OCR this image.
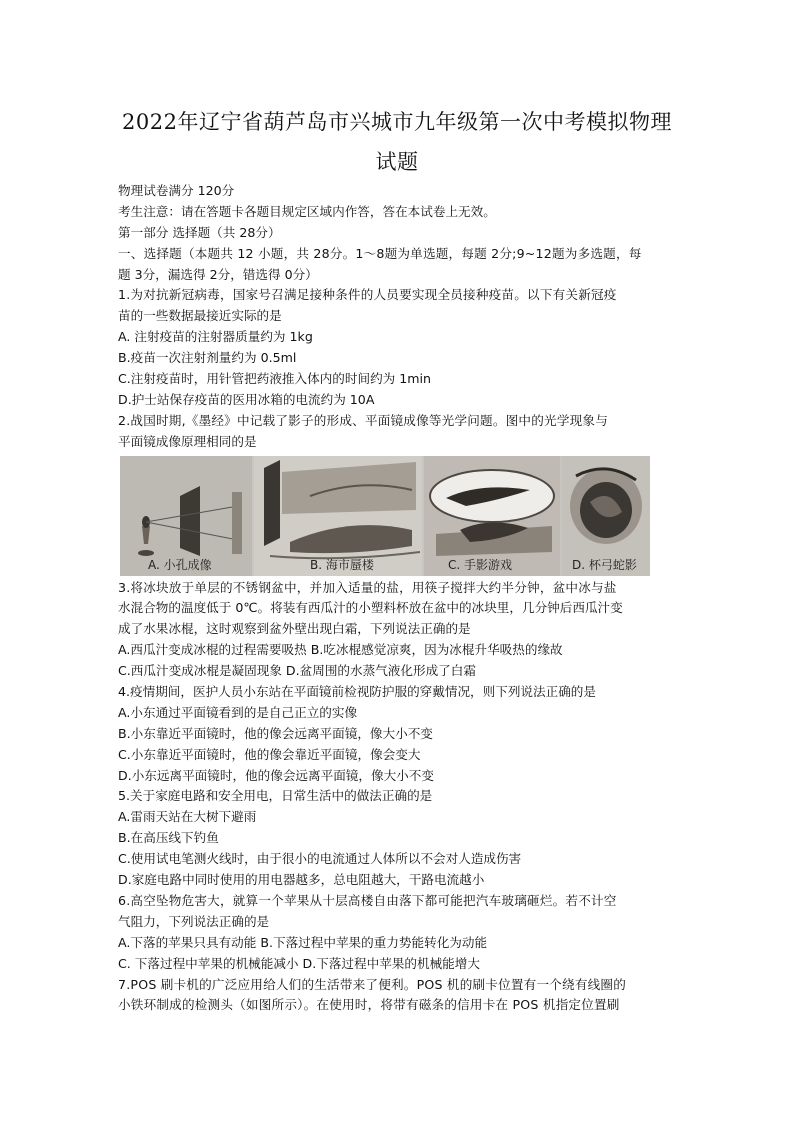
2022年辽宁省葫芦岛市兴城市九年级第一次中考模拟物理
试题
物理试卷满分 120分
考生注意：请在答题卡各题目规定区域内作答，答在本试卷上无效。
第一部分 选择题（共 28分）
一、选择题（本题共 12 小题，共 28分。1～8题为单选题，每题 2分;9~12题为多选题，每
题 3分，漏选得 2分，错选得 0分）
1.为对抗新冠病毒，国家号召满足接种条件的人员要实现全员接种疫苗。以下有关新冠疫
苗的一些数据最接近实际的是
A. 注射疫苗的注射器质量约为 1kg
B.疫苗一次注射剂量约为 0.5ml
C.注射疫苗时，用针管把药液推入体内的时间约为 1min
D.护士站保存疫苗的医用冰箱的电流约为 10A
2.战国时期,《墨经》中记载了影子的形成、平面镜成像等光学问题。图中的光学现象与
平面镜成像原理相同的是
A. 小孔成像	B. 海市蜃楼	C. 手影游戏	D. 杯弓蛇影
3.将冰块放于单层的不锈钢盆中，并加入适量的盐，用筷子搅拌大约半分钟，盆中冰与盐
水混合物的温度低于 0℃。将装有西瓜汁的小塑料杯放在盆中的冰块里，几分钟后西瓜汁变
成了水果冰棍，这时观察到盆外壁出现白霜，下列说法正确的是
A.西瓜汁变成冰棍的过程需要吸热 B.吃冰棍感觉凉爽，因为冰棍升华吸热的缘故
C.西瓜汁变成冰棍是凝固现象 D.盆周围的水蒸气液化形成了白霜
4.疫情期间，医护人员小东站在平面镜前检视防护服的穿戴情况，则下列说法正确的是
A.小东通过平面镜看到的是自己正立的实像
B.小东靠近平面镜时，他的像会远离平面镜，像大小不变
C.小东靠近平面镜时，他的像会靠近平面镜，像会变大
D.小东远离平面镜时，他的像会远离平面镜，像大小不变
5.关于家庭电路和安全用电，日常生活中的做法正确的是
A.雷雨天站在大树下避雨
B.在高压线下钓鱼
C.使用试电笔测火线时，由于很小的电流通过人体所以不会对人造成伤害
D.家庭电路中同时使用的用电器越多，总电阻越大，干路电流越小
6.高空坠物危害大，就算一个苹果从十层高楼自由落下都可能把汽车玻璃砸烂。若不计空
气阻力，下列说法正确的是
A.下落的苹果只具有动能 B.下落过程中苹果的重力势能转化为动能
C. 下落过程中苹果的机械能减小 D.下落过程中苹果的机械能增大
7.POS 刷卡机的广泛应用给人们的生活带来了便利。POS 机的刷卡位置有一个绕有线圈的
小铁环制成的检测头（如图所示）。在使用时，将带有磁条的信用卡在 POS 机指定位置刷
